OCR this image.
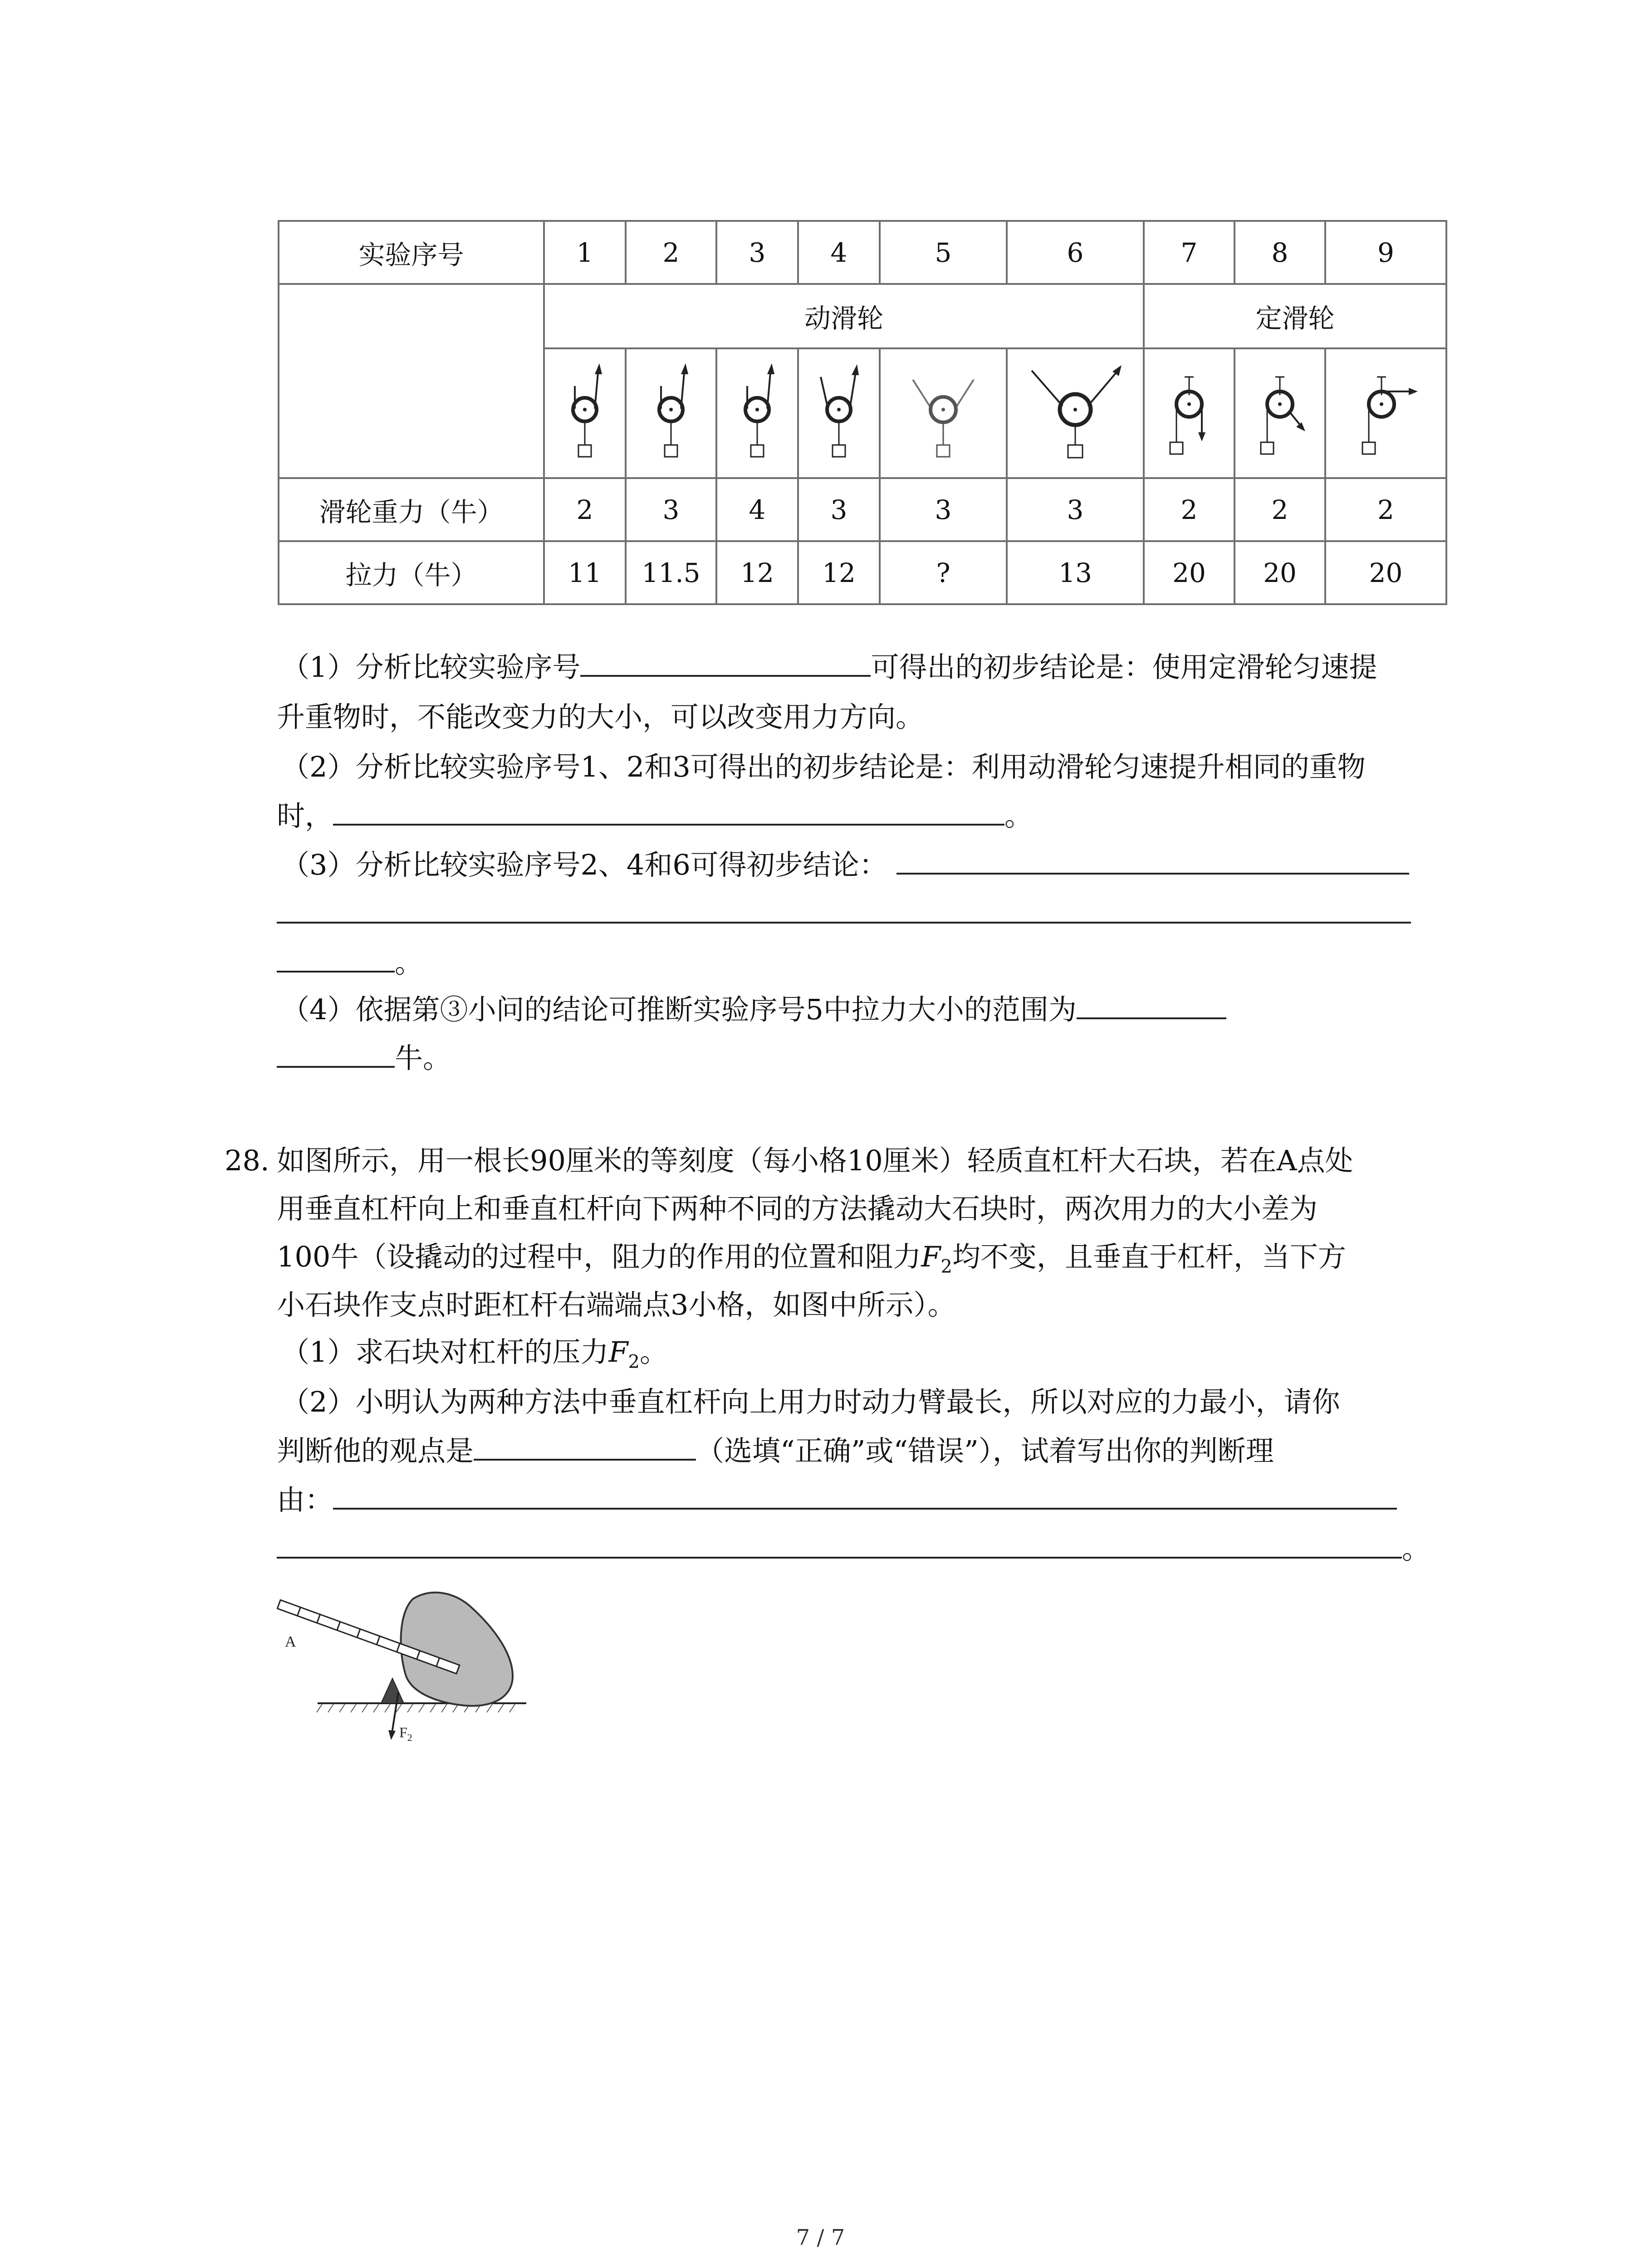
实验序号	1	2	3	4	5	6	7	8	9
	动滑轮						定滑轮		

滑轮重力（牛）	2	3	4	3	3	3	2	2	2
拉力（牛）	11	11.5	12	12	?	13	20	20	20
（1）分析比较实验序号	可得出的初步结论是：使用定滑轮匀速提
升重物时，不能改变力的大小，可以改变用力方向。
（2）分析比较实验序号1、2和3可得出的初步结论是：利用动滑轮匀速提升相同的重物
时，	。
（3）分析比较实验序号2、4和6可得初步结论：
。
（4）依据第③小问的结论可推断实验序号5中拉力大小的范围为
牛。
28. 如图所示，用一根长90厘米的等刻度（每小格10厘米）轻质直杠杆大石块，若在A点处
用垂直杠杆向上和垂直杠杆向下两种不同的方法撬动大石块时，两次用力的大小差为
100牛（设撬动的过程中，阻力的作用的位置和阻力$F_2$均不变，且垂直于杠杆，当下方
小石块作支点时距杠杆右端端点3小格，如图中所示）。
（1）求石块对杠杆的压力$F_2$。
（2）小明认为两种方法中垂直杠杆向上用力时动力臂最长，所以对应的力最小，请你
判断他的观点是	（选填“正确”或“错误”），试着写出你的判断理
由：
。
A
$F_2$
7 / 7
